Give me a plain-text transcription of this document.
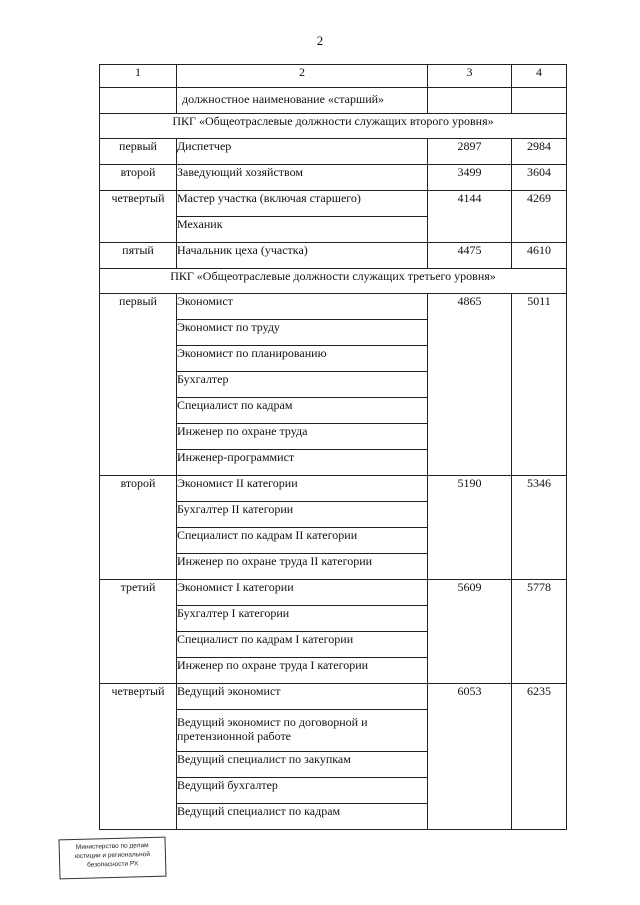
2
1	2	3	4
	должностное наименование «старший»		
ПКГ «Общеотраслевые должности служащих второго уровня»			
первый	Диспетчер	2897	2984
второй	Заведующий хозяйством	3499	3604
четвертый	Мастер участка (включая старшего)	4144	4269
	Механик		
пятый	Начальник цеха (участка)	4475	4610
ПКГ «Общеотраслевые должности служащих третьего уровня»			
первый	Экономист	4865	5011
	Экономист по труду		
	Экономист по планированию		
	Бухгалтер		
	Специалист по кадрам		
	Инженер по охране труда		
	Инженер-программист		
второй	Экономист II категории	5190	5346
	Бухгалтер II категории		
	Специалист по кадрам II категории		
	Инженер по охране труда II категории		
третий	Экономист I категории	5609	5778
	Бухгалтер I категории		
	Специалист по кадрам I категории		
	Инженер по охране труда I категории		
четвертый	Ведущий экономист	6053	6235
	Ведущий экономист по договорной и претензионной работе		
	Ведущий специалист по закупкам		
	Ведущий бухгалтер		
	Ведущий специалист по кадрам		
Министерство по делам
юстиции и региональной
безопасности РХ
